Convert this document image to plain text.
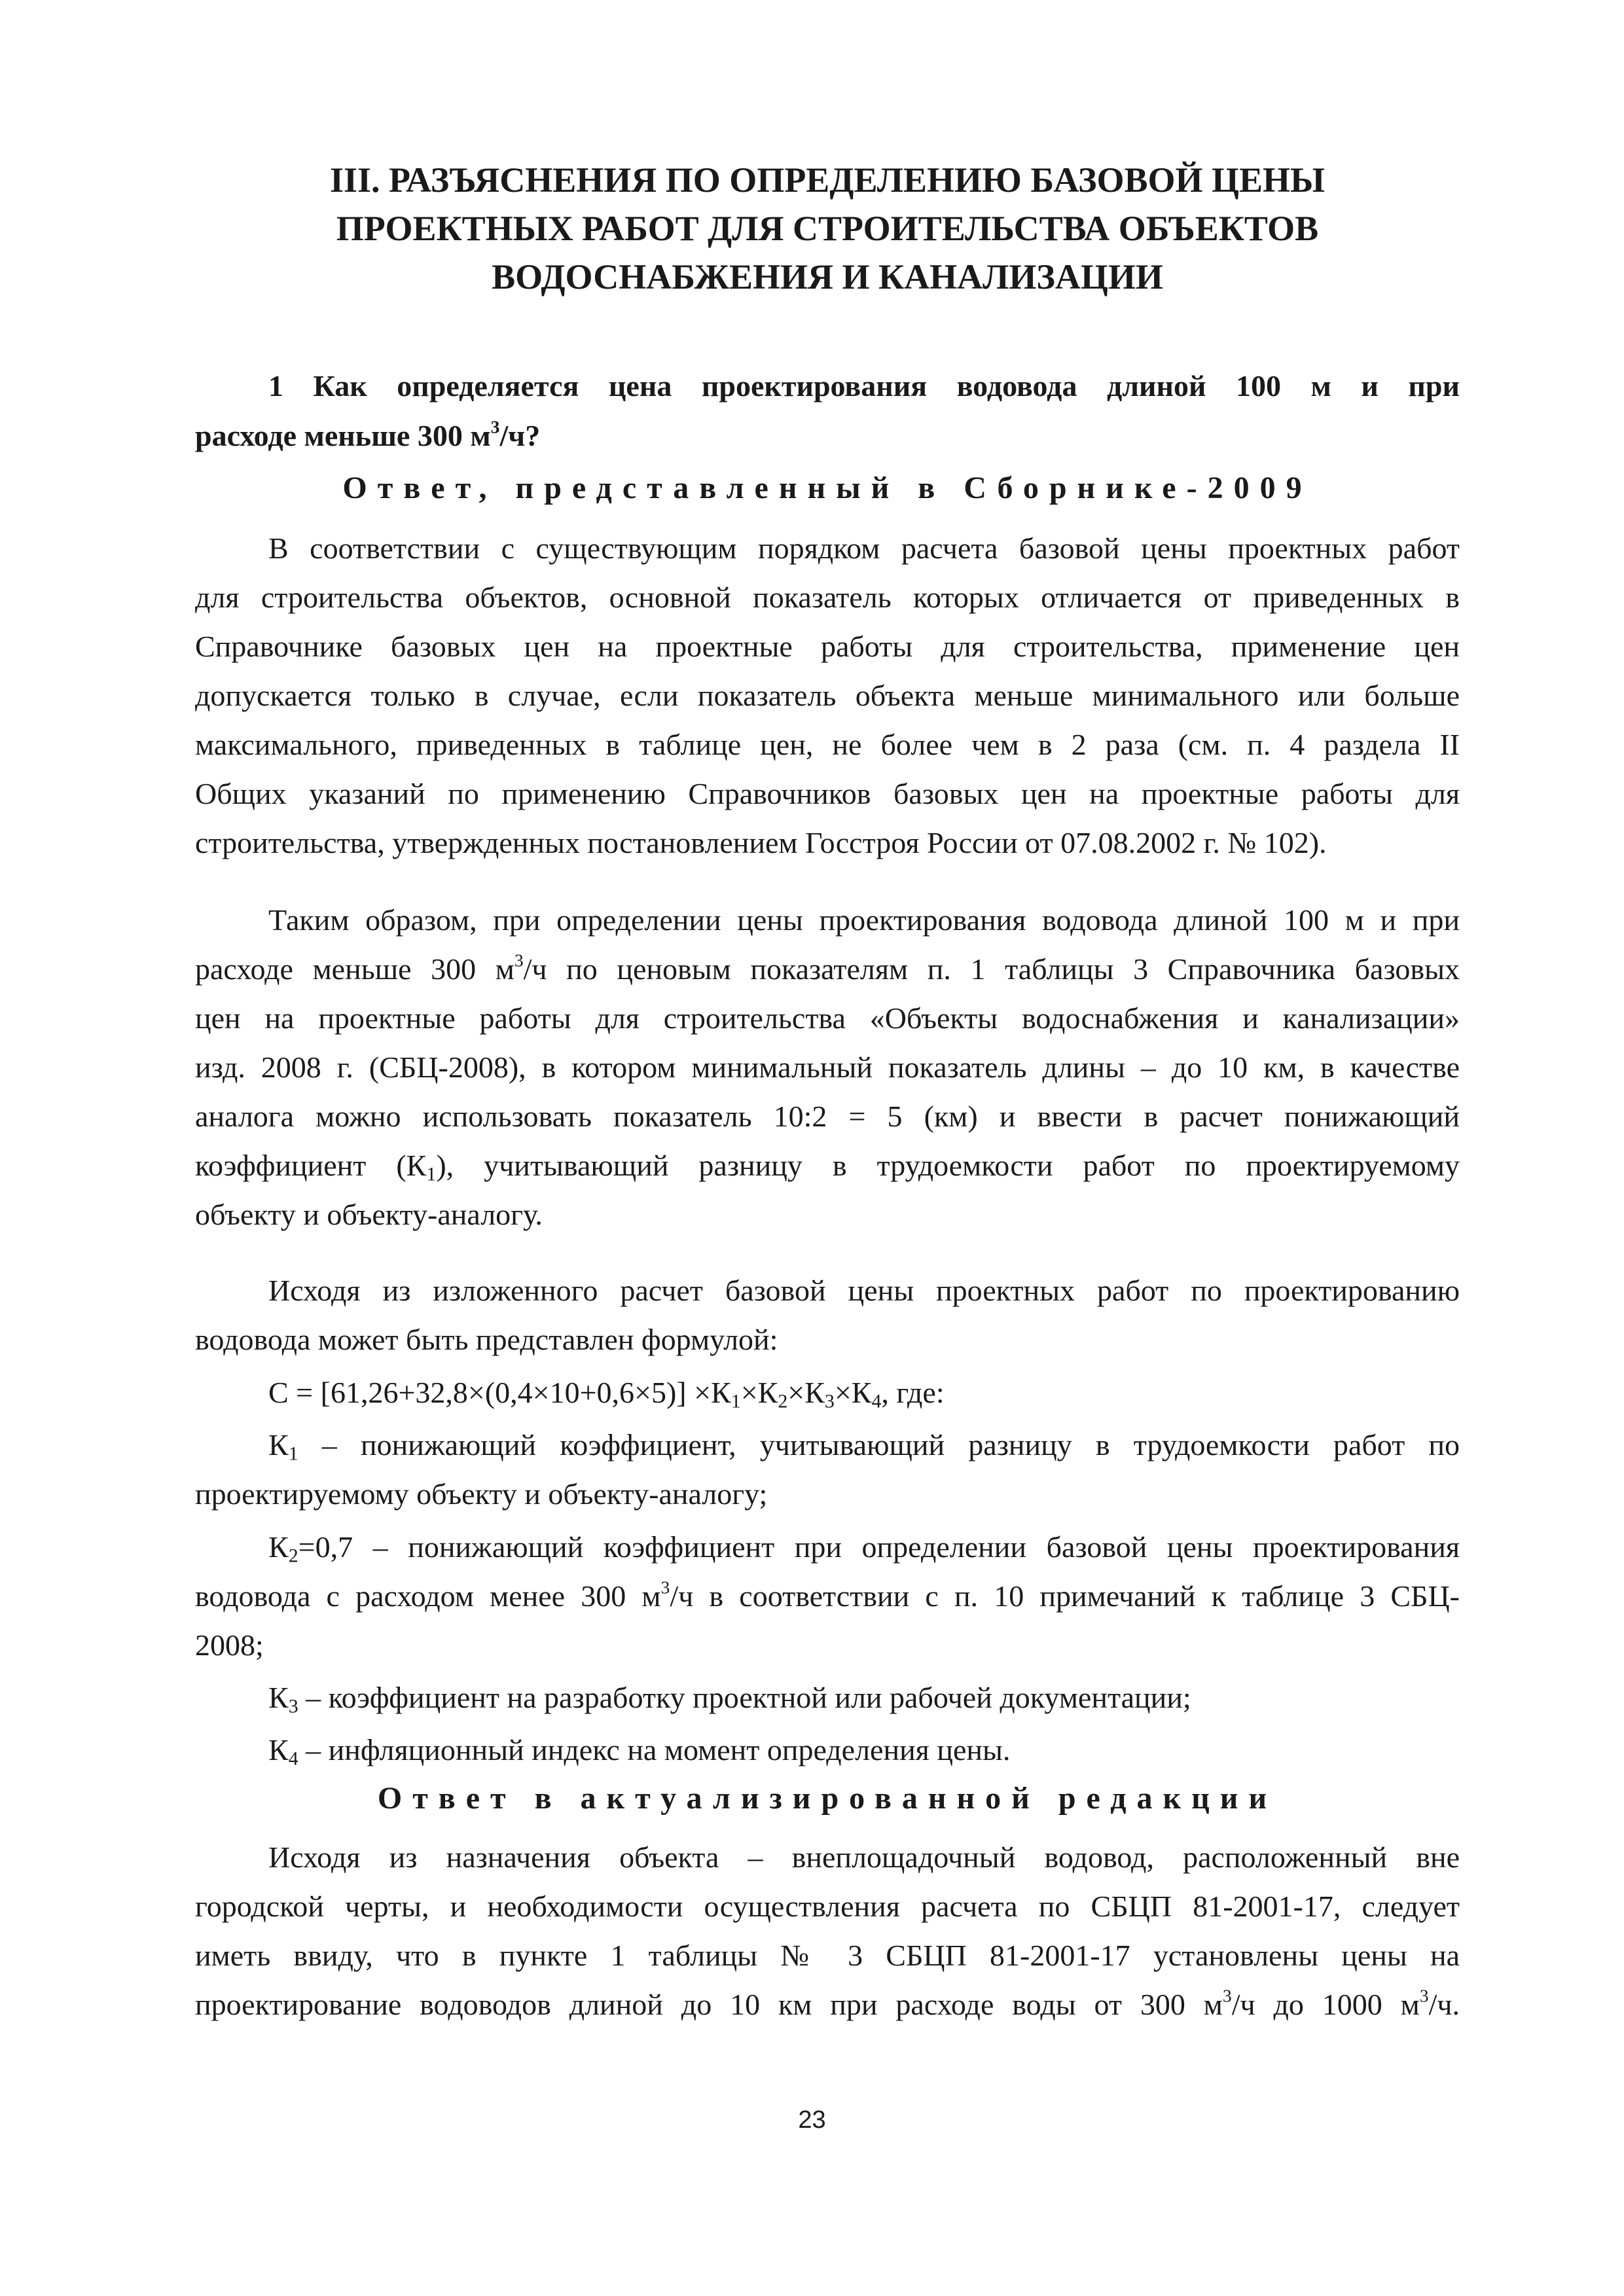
III. РАЗЪЯСНЕНИЯ ПО ОПРЕДЕЛЕНИЮ БАЗОВОЙ ЦЕНЫ
ПРОЕКТНЫХ РАБОТ ДЛЯ СТРОИТЕЛЬСТВА ОБЪЕКТОВ
ВОДОСНАБЖЕНИЯ И КАНАЛИЗАЦИИ
1 Как определяется цена проектирования водовода длиной 100 м и при
расходе меньше 300 $м^3/ч$?
Ответ, представленный в Сборнике-2009
В соответствии с существующим порядком расчета базовой цены проектных работ
для строительства объектов, основной показатель которых отличается от приведенных в
Справочнике базовых цен на проектные работы для строительства, применение цен
допускается только в случае, если показатель объекта меньше минимального или больше
максимального, приведенных в таблице цен, не более чем в 2 раза (см. п. 4 раздела II
Общих указаний по применению Справочников базовых цен на проектные работы для
строительства, утвержденных постановлением Госстроя России от 07.08.2002 г. № 102).
Таким образом, при определении цены проектирования водовода длиной 100 м и при
расходе меньше 300 $м^3/ч$ по ценовым показателям п. 1 таблицы 3 Справочника базовых
цен на проектные работы для строительства «Объекты водоснабжения и канализации»
изд. 2008 г. (СБЦ-2008), в котором минимальный показатель длины – до 10 км, в качестве
аналога можно использовать показатель 10:2 = 5 (км) и ввести в расчет понижающий
коэффициент $(К_1)$, учитывающий разницу в трудоемкости работ по проектируемому
объекту и объекту-аналогу.
Исходя из изложенного расчет базовой цены проектных работ по проектированию
водовода может быть представлен формулой:
$С = [61,26+32,8\times(0,4\times 10+0,6\times 5)] \times К_1\times К_2\times К_3\times К_4$, где:
$К_1$ – понижающий коэффициент, учитывающий разницу в трудоемкости работ по
проектируемому объекту и объекту-аналогу;
$К_2=0,7$ – понижающий коэффициент при определении базовой цены проектирования
водовода с расходом менее 300 $м^3/ч$ в соответствии с п. 10 примечаний к таблице 3 СБЦ-
2008;
$К_3$ – коэффициент на разработку проектной или рабочей документации;
$К_4$ – инфляционный индекс на момент определения цены.
Ответ в актуализированной редакции
Исходя из назначения объекта – внеплощадочный водовод, расположенный вне
городской черты, и необходимости осуществления расчета по СБЦП 81-2001-17, следует
иметь ввиду, что в пункте 1 таблицы № 3 СБЦП 81-2001-17 установлены цены на
проектирование водоводов длиной до 10 км при расходе воды от 300 $м^3/ч$ до 1000 $м^3/ч$.
23
